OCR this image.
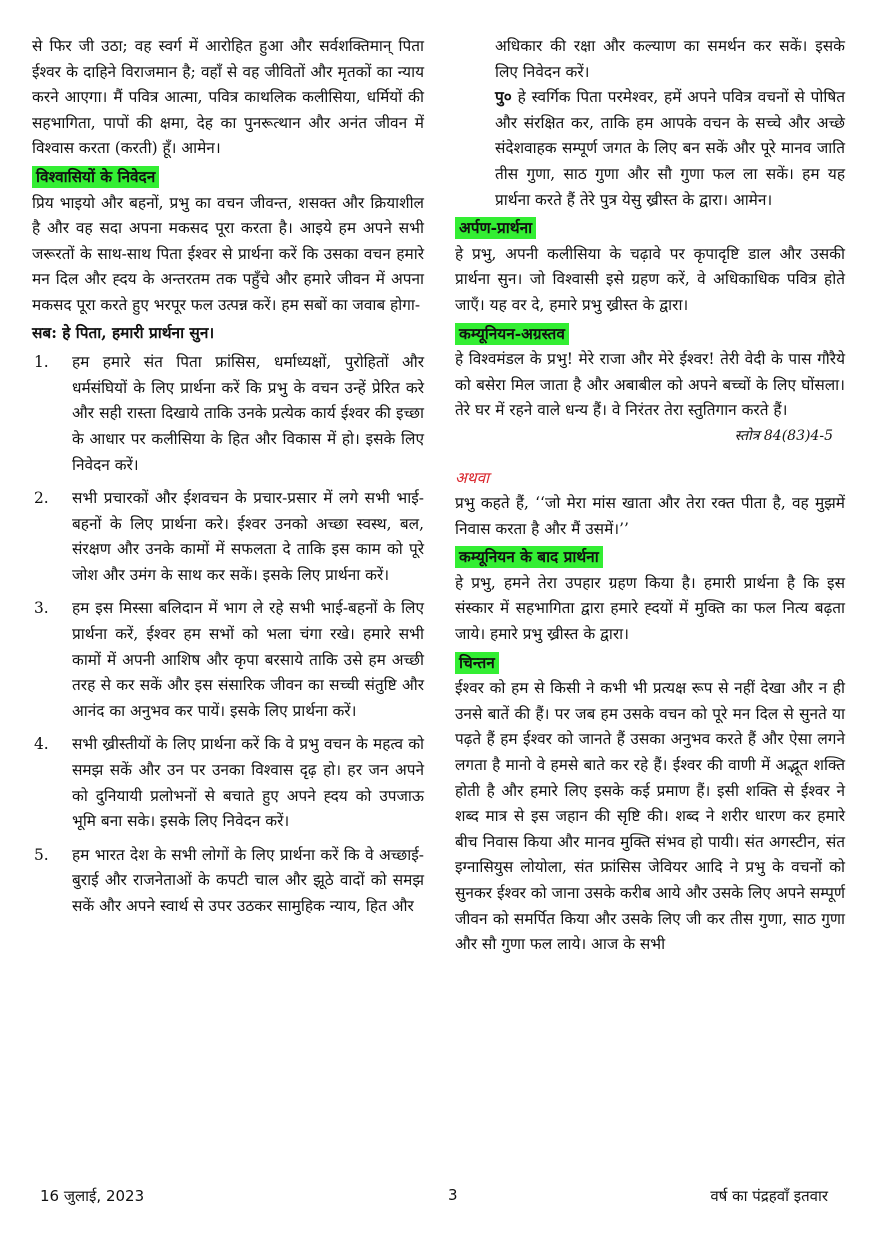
से फिर जी उठा; वह स्वर्ग में आरोहित हुआ और सर्वशक्तिमान् पिता ईश्वर के दाहिने विराजमान है; वहाँ से वह जीवितों और मृतकों का न्याय करने आएगा। मैं पवित्र आत्मा, पवित्र काथलिक कलीसिया, धर्मियों की सहभागिता, पापों की क्षमा, देह का पुनरूत्थान और अनंत जीवन में विश्वास करता (करती) हूँ। आमेन।

विश्वासियों के निवेदन

प्रिय भाइयो और बहनों, प्रभु का वचन जीवन्त, शसक्त और क्रियाशील है और वह सदा अपना मकसद पूरा करता है। आइये हम अपने सभी जरूरतों के साथ-साथ पिता ईश्वर से प्रार्थना करें कि उसका वचन हमारे मन दिल और ह्दय के अन्तरतम तक पहुँचे और हमारे जीवन में अपना मकसद पूरा करते हुए भरपूर फल उत्पन्न करें। हम सबों का जवाब होगा-

सब: हे पिता, हमारी प्रार्थना सुन।

1. हम हमारे संत पिता फ्रांसिस, धर्माध्यक्षों, पुरोहितों और धर्मसंघियों के लिए प्रार्थना करें कि प्रभु के वचन उन्हें प्रेरित करे और सही रास्ता दिखाये ताकि उनके प्रत्येक कार्य ईश्वर की इच्छा के आधार पर कलीसिया के हित और विकास में हो। इसके लिए निवेदन करें।
2. सभी प्रचारकों और ईशवचन के प्रचार-प्रसार में लगे सभी भाई-बहनों के लिए प्रार्थना करे। ईश्वर उनको अच्छा स्वस्थ, बल, संरक्षण और उनके कामों में सफलता दे ताकि इस काम को पूरे जोश और उमंग के साथ कर सकें। इसके लिए प्रार्थना करें।
3. हम इस मिस्सा बलिदान में भाग ले रहे सभी भाई-बहनों के लिए प्रार्थना करें, ईश्वर हम सभों को भला चंगा रखे। हमारे सभी कामों में अपनी आशिष और कृपा बरसाये ताकि उसे हम अच्छी तरह से कर सकें और इस संसारिक जीवन का सच्ची संतुष्टि और आनंद का अनुभव कर पायें। इसके लिए प्रार्थना करें।
4. सभी ख्रीस्तीयों के लिए प्रार्थना करें कि वे प्रभु वचन के महत्व को समझ सकें और उन पर उनका विश्वास दृढ़ हो। हर जन अपने को दुनियायी प्रलोभनों से बचाते हुए अपने ह्दय को उपजाऊ भूमि बना सके। इसके लिए निवेदन करें।
5. हम भारत देश के सभी लोगों के लिए प्रार्थना करें कि वे अच्छाई-बुराई और राजनेताओं के कपटी चाल और झूठे वादों को समझ सकें और अपने स्वार्थ से उपर उठकर सामुहिक न्याय, हित और

अधिकार की रक्षा और कल्याण का समर्थन कर सकें। इसके लिए निवेदन करें।

पु० हे स्वर्गिक पिता परमेश्वर, हमें अपने पवित्र वचनों से पोषित और संरक्षित कर, ताकि हम आपके वचन के सच्चे और अच्छे संदेशवाहक सम्पूर्ण जगत के लिए बन सकें और पूरे मानव जाति तीस गुणा, साठ गुणा और सौ गुणा फल ला सकें। हम यह प्रार्थना करते हैं तेरे पुत्र येसु ख्रीस्त के द्वारा। आमेन।

अर्पण-प्रार्थना

हे प्रभु, अपनी कलीसिया के चढ़ावे पर कृपादृष्टि डाल और उसकी प्रार्थना सुन। जो विश्वासी इसे ग्रहण करें, वे अधिकाधिक पवित्र होते जाएँ। यह वर दे, हमारे प्रभु ख्रीस्त के द्वारा।

कम्यूनियन-अग्रस्तव

हे विश्वमंडल के प्रभु! मेरे राजा और मेरे ईश्वर! तेरी वेदी के पास गौरैये को बसेरा मिल जाता है और अबाबील को अपने बच्चों के लिए घोंसला। तेरे घर में रहने वाले धन्य हैं। वे निरंतर तेरा स्तुतिगान करते हैं।

स्तोत्र 84(83)4-5

अथवा

प्रभु कहते हैं, ‘‘जो मेरा मांस खाता और तेरा रक्त पीता है, वह मुझमें निवास करता है और मैं उसमें।’’

कम्यूनियन के बाद प्रार्थना

हे प्रभु, हमने तेरा उपहार ग्रहण किया है। हमारी प्रार्थना है कि इस संस्कार में सहभागिता द्वारा हमारे ह्दयों में मुक्ति का फल नित्य बढ़ता जाये। हमारे प्रभु ख्रीस्त के द्वारा।

चिन्तन

ईश्वर को हम से किसी ने कभी भी प्रत्यक्ष रूप से नहीं देखा और न ही उनसे बातें की हैं। पर जब हम उसके वचन को पूरे मन दिल से सुनते या पढ़ते हैं हम ईश्वर को जानते हैं उसका अनुभव करते हैं और ऐसा लगने लगता है मानो वे हमसे बाते कर रहे हैं। ईश्वर की वाणी में अद्भूत शक्ति होती है और हमारे लिए इसके कई प्रमाण हैं। इसी शक्ति से ईश्वर ने शब्द मात्र से इस जहान की सृष्टि की। शब्द ने शरीर धारण कर हमारे बीच निवास किया और मानव मुक्ति संभव हो पायी। संत अगस्टीन, संत इग्नासियुस लोयोला, संत फ्रांसिस जेवियर आदि ने प्रभु के वचनों को सुनकर ईश्वर को जाना उसके करीब आये और उसके लिए अपने सम्पूर्ण जीवन को समर्पित किया और उसके लिए जी कर तीस गुणा, साठ गुणा और सौ गुणा फल लाये। आज के सभी

16 जुलाई, 2023	3	वर्ष का पंद्रहवाँ इतवार
